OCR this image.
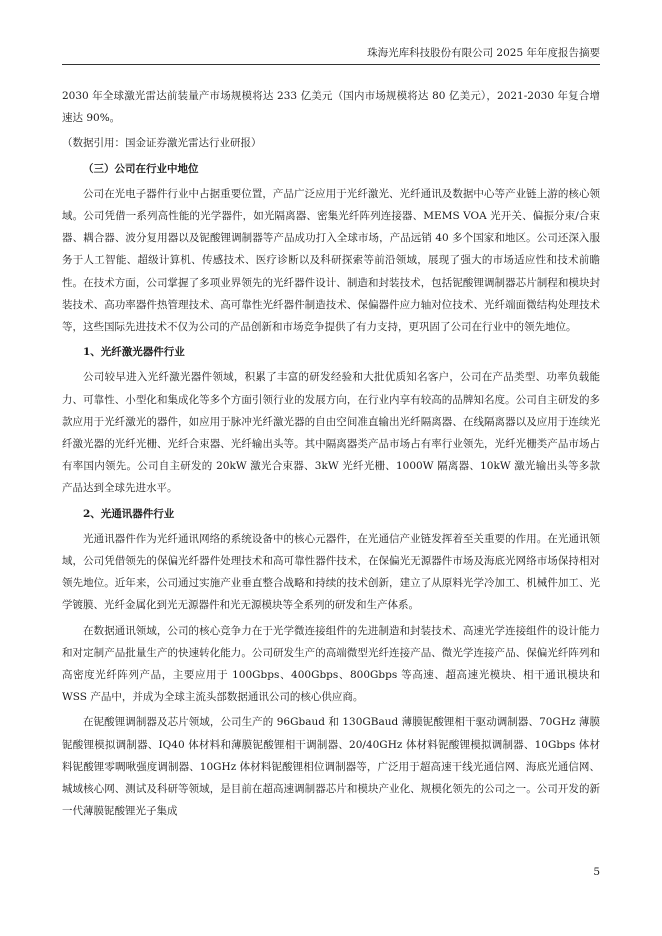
珠海光库科技股份有限公司 2025 年年度报告摘要

2030 年全球激光雷达前装量产市场规模将达 233 亿美元（国内市场规模将达 80 亿美元），2021-2030 年复合增速达 90%。

（数据引用：国金证券激光雷达行业研报）

（三）公司在行业中地位

公司在光电子器件行业中占据重要位置，产品广泛应用于光纤激光、光纤通讯及数据中心等产业链上游的核心领域。公司凭借一系列高性能的光学器件，如光隔离器、密集光纤阵列连接器、MEMS VOA 光开关、偏振分束/合束器、耦合器、波分复用器以及铌酸锂调制器等产品成功打入全球市场，产品远销 40 多个国家和地区。公司还深入服务于人工智能、超级计算机、传感技术、医疗诊断以及科研探索等前沿领域，展现了强大的市场适应性和技术前瞻性。在技术方面，公司掌握了多项业界领先的光纤器件设计、制造和封装技术，包括铌酸锂调制器芯片制程和模块封装技术、高功率器件热管理技术、高可靠性光纤器件制造技术、保偏器件应力轴对位技术、光纤端面微结构处理技术等，这些国际先进技术不仅为公司的产品创新和市场竞争提供了有力支持，更巩固了公司在行业中的领先地位。

1、光纤激光器件行业

公司较早进入光纤激光器件领域，积累了丰富的研发经验和大批优质知名客户，公司在产品类型、功率负载能力、可靠性、小型化和集成化等多个方面引领行业的发展方向，在行业内享有较高的品牌知名度。公司自主研发的多款应用于光纤激光的器件，如应用于脉冲光纤激光器的自由空间准直输出光纤隔离器、在线隔离器以及应用于连续光纤激光器的光纤光栅、光纤合束器、光纤输出头等。其中隔离器类产品市场占有率行业领先，光纤光栅类产品市场占有率国内领先。公司自主研发的 20kW 激光合束器、3kW 光纤光栅、1000W 隔离器、10kW 激光输出头等多款产品达到全球先进水平。

2、光通讯器件行业

光通讯器件作为光纤通讯网络的系统设备中的核心元器件，在光通信产业链发挥着至关重要的作用。在光通讯领域，公司凭借领先的保偏光纤器件处理技术和高可靠性器件技术，在保偏光无源器件市场及海底光网络市场保持相对领先地位。近年来，公司通过实施产业垂直整合战略和持续的技术创新，建立了从原料光学冷加工、机械件加工、光学镀膜、光纤金属化到光无源器件和光无源模块等全系列的研发和生产体系。

在数据通讯领域，公司的核心竞争力在于光学微连接组件的先进制造和封装技术、高速光学连接组件的设计能力和对定制产品批量生产的快速转化能力。公司研发生产的高端微型光纤连接产品、微光学连接产品、保偏光纤阵列和高密度光纤阵列产品，主要应用于 100Gbps、400Gbps、800Gbps 等高速、超高速光模块、相干通讯模块和 WSS 产品中，并成为全球主流头部数据通讯公司的核心供应商。

在铌酸锂调制器及芯片领域，公司生产的 96Gbaud 和 130GBaud 薄膜铌酸锂相干驱动调制器、70GHz 薄膜铌酸锂模拟调制器、IQ40 体材料和薄膜铌酸锂相干调制器、20/40GHz 体材料铌酸锂模拟调制器、10Gbps 体材料铌酸锂零啁啾强度调制器、10GHz 体材料铌酸锂相位调制器等，广泛用于超高速干线光通信网、海底光通信网、城域核心网、测试及科研等领域，是目前在超高速调制器芯片和模块产业化、规模化领先的公司之一。公司开发的新一代薄膜铌酸锂光子集成

5
